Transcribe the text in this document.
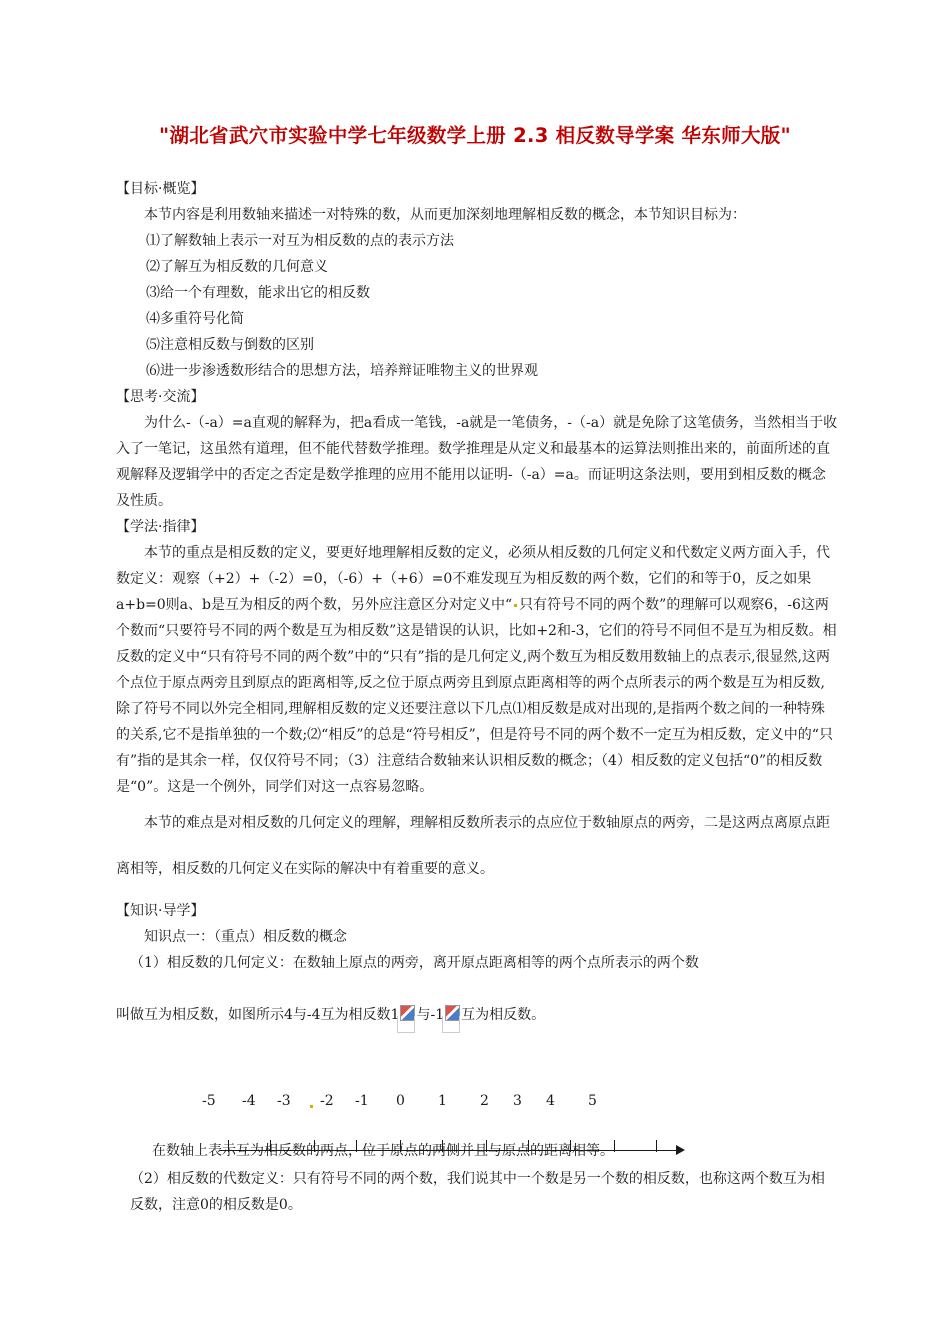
"湖北省武穴市实验中学七年级数学上册 2.3 相反数导学案 华东师大版"

【目标·概览】

本节内容是利用数轴来描述一对特殊的数，从而更加深刻地理解相反数的概念，本节知识目标为：

⑴了解数轴上表示一对互为相反数的点的表示方法

⑵了解互为相反数的几何意义

⑶给一个有理数，能求出它的相反数

⑷多重符号化简

⑸注意相反数与倒数的区别

⑹进一步渗透数形结合的思想方法，培养辩证唯物主义的世界观

【思考·交流】

为什么-（-a）=a直观的解释为，把a看成一笔钱，-a就是一笔债务，-（-a）就是免除了这笔债务，当然相当于收入了一笔记，这虽然有道理，但不能代替数学推理。数学推理是从定义和最基本的运算法则推出来的，前面所述的直观解释及逻辑学中的否定之否定是数学推理的应用不能用以证明-（-a）=a。而证明这条法则，要用到相反数的概念及性质。

【学法·指律】

本节的重点是相反数的定义，要更好地理解相反数的定义，必须从相反数的几何定义和代数定义两方面入手，代数定义：观察（+2）+（-2）=0，（-6）+（+6）=0不难发现互为相反数的两个数，它们的和等于0，反之如果a+b=0则a、b是互为相反的两个数，另外应注意区分对定义中“ 只有符号不同的两个数”的理解可以观察6，-6这两个数而“只要符号不同的两个数是互为相反数”这是错误的认识，比如+2和-3，它们的符号不同但不是互为相反数。相反数的定义中“只有符号不同的两个数”中的“只有”指的是几何定义,两个数互为相反数用数轴上的点表示,很显然,这两个点位于原点两旁且到原点的距离相等,反之位于原点两旁且到原点距离相等的两个点所表示的两个数是互为相反数,除了符号不同以外完全相同,理解相反数的定义还要注意以下几点⑴相反数是成对出现的,是指两个数之间的一种特殊的关系,它不是指单独的一个数;⑵“相反”的总是“符号相反”，但是符号不同的两个数不一定互为相反数，定义中的“只有”指的是其余一样，仅仅符号不同；（3）注意结合数轴来认识相反数的概念；（4）相反数的定义包括“0”的相反数是“0”。这是一个例外，同学们对这一点容易忽略。

本节的难点是对相反数的几何定义的理解，理解相反数所表示的点应位于数轴原点的两旁，二是这两点离原点距离相等，相反数的几何定义在实际的解决中有着重要的意义。

【知识·导学】

知识点一：（重点）相反数的概念

（1）相反数的几何定义：在数轴上原点的两旁，离开原点距离相等的两个点所表示的两个数

叫做互为相反数，如图所示4与-4互为相反数1 与-1 互为相反数。

-5 -4 -3 -2 -1 0 1 2 3 4 5
在数轴上表示互为相反数的两点，位于原点的两侧并且与原点的距离相等。

（2）相反数的代数定义：只有符号不同的两个数，我们说其中一个数是另一个数的相反数，也称这两个数互为相反数，注意0的相反数是0。
